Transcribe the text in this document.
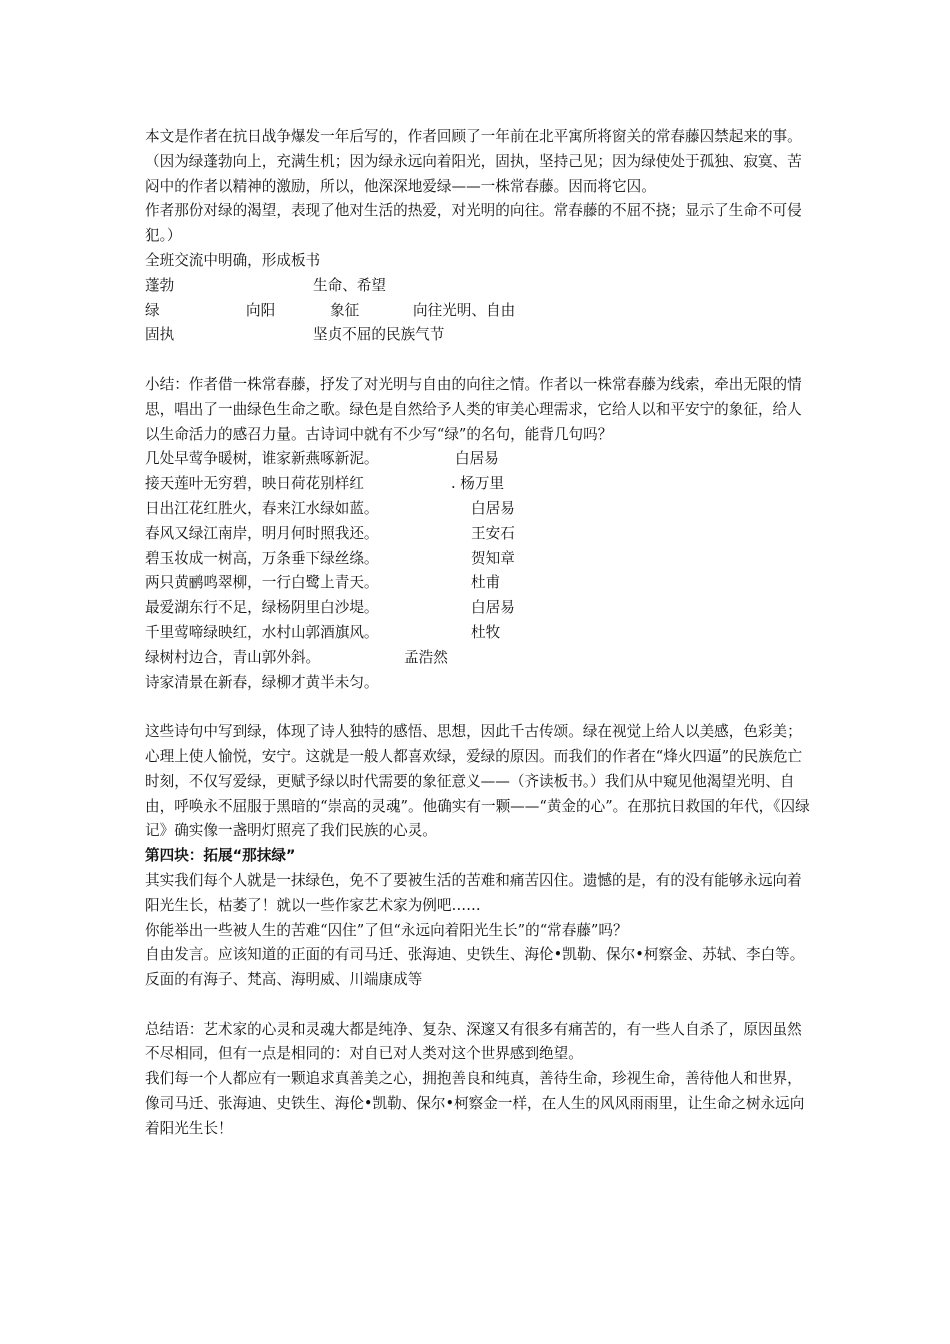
本文是作者在抗日战争爆发一年后写的，作者回顾了一年前在北平寓所将窗关的常春藤囚禁起来的事。

（因为绿蓬勃向上，充满生机；因为绿永远向着阳光，固执，坚持己见；因为绿使处于孤独、寂寞、苦闷中的作者以精神的激励，所以，他深深地爱绿——一株常春藤。因而将它囚。

作者那份对绿的渴望，表现了他对生活的热爱，对光明的向往。常春藤的不屈不挠；显示了生命不可侵犯。）

全班交流中明确，形成板书

蓬勃	生命、希望
绿	向阳	象征	向往光明、自由
固执	坚贞不屈的民族气节

小结：作者借一株常春藤，抒发了对光明与自由的向往之情。作者以一株常春藤为线索，牵出无限的情思，唱出了一曲绿色生命之歌。绿色是自然给予人类的审美心理需求，它给人以和平安宁的象征，给人以生命活力的感召力量。古诗词中就有不少写“绿”的名句，能背几句吗？

几处早莺争暖树，谁家新燕啄新泥。	白居易
接天莲叶无穷碧，映日荷花别样红	. 杨万里
日出江花红胜火，春来江水绿如蓝。	白居易
春风又绿江南岸，明月何时照我还。	王安石
碧玉妆成一树高，万条垂下绿丝绦。	贺知章
两只黄鹂鸣翠柳，一行白鹭上青天。	杜甫
最爱湖东行不足，绿杨阴里白沙堤。	白居易
千里莺啼绿映红，水村山郭酒旗风。	杜牧
绿树村边合，青山郭外斜。	孟浩然
诗家清景在新春，绿柳才黄半未匀。

这些诗句中写到绿，体现了诗人独特的感悟、思想，因此千古传颂。绿在视觉上给人以美感，色彩美；心理上使人愉悦，安宁。这就是一般人都喜欢绿，爱绿的原因。而我们的作者在“烽火四逼”的民族危亡时刻，不仅写爱绿，更赋予绿以时代需要的象征意义——（齐读板书。）我们从中窥见他渴望光明、自由，呼唤永不屈服于黑暗的“崇高的灵魂”。他确实有一颗——“黄金的心”。在那抗日救国的年代，《囚绿记》确实像一盏明灯照亮了我们民族的心灵。

第四块：拓展“那抹绿”

其实我们每个人就是一抹绿色，免不了要被生活的苦难和痛苦囚住。遗憾的是，有的没有能够永远向着阳光生长，枯萎了！就以一些作家艺术家为例吧……

你能举出一些被人生的苦难“囚住”了但“永远向着阳光生长”的“常春藤”吗？

自由发言。应该知道的正面的有司马迁、张海迪、史铁生、海伦•凯勒、保尔•柯察金、苏轼、李白等。反面的有海子、梵高、海明威、川端康成等

总结语：艺术家的心灵和灵魂大都是纯净、复杂、深邃又有很多有痛苦的，有一些人自杀了，原因虽然不尽相同，但有一点是相同的：对自已对人类对这个世界感到绝望。

我们每一个人都应有一颗追求真善美之心，拥抱善良和纯真，善待生命，珍视生命，善待他人和世界，像司马迁、张海迪、史铁生、海伦•凯勒、保尔•柯察金一样，在人生的风风雨雨里，让生命之树永远向着阳光生长！
